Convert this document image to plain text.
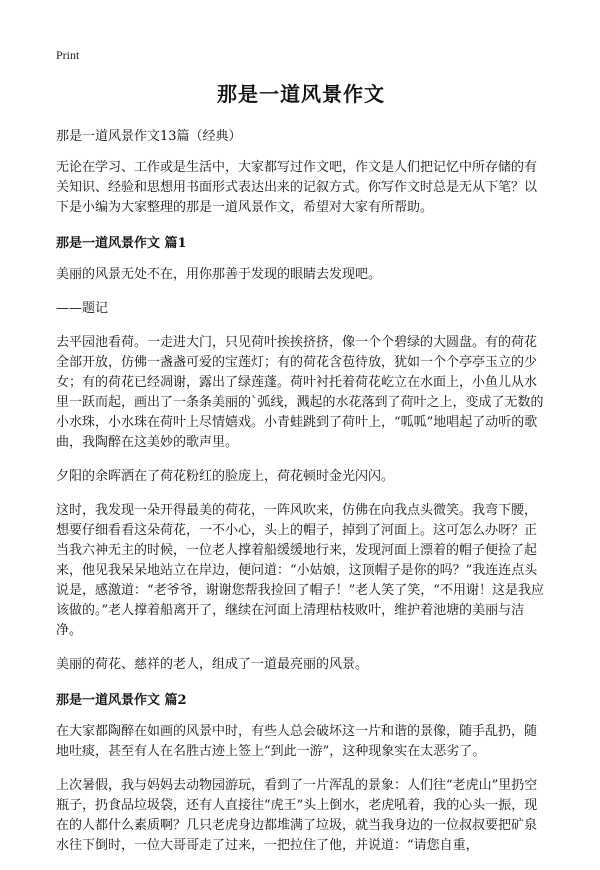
Print
那是一道风景作文
那是一道风景作文13篇（经典）

无论在学习、工作或是生活中，大家都写过作文吧，作文是人们把记忆中所存储的有关知识、经验和思想用书面形式表达出来的记叙方式。你写作文时总是无从下笔？以下是小编为大家整理的那是一道风景作文，希望对大家有所帮助。

那是一道风景作文 篇1

美丽的风景无处不在，用你那善于发现的眼睛去发现吧。

——题记

去平园池看荷。一走进大门，只见荷叶挨挨挤挤，像一个个碧绿的大圆盘。有的荷花全部开放，仿佛一盏盏可爱的宝莲灯；有的荷花含苞待放，犹如一个个亭亭玉立的少女；有的荷花已经凋谢，露出了绿莲蓬。荷叶衬托着荷花屹立在水面上，小鱼儿从水里一跃而起，画出了一条条美丽的`弧线，溅起的水花落到了荷叶之上，变成了无数的小水珠，小水珠在荷叶上尽情嬉戏。小青蛙跳到了荷叶上，“呱呱”地唱起了动听的歌曲，我陶醉在这美妙的歌声里。

夕阳的余晖洒在了荷花粉红的脸庞上，荷花顿时金光闪闪。

这时，我发现一朵开得最美的荷花，一阵风吹来，仿佛在向我点头微笑。我弯下腰，想要仔细看看这朵荷花，一不小心，头上的帽子，掉到了河面上。这可怎么办呀？正当我六神无主的时候，一位老人撑着船缓缓地行来，发现河面上漂着的帽子便捡了起来，他见我呆呆地站立在岸边，便问道：“小姑娘，这顶帽子是你的吗？”我连连点头说是，感激道：“老爷爷，谢谢您帮我捡回了帽子！”老人笑了笑，“不用谢！这是我应该做的。”老人撑着船离开了，继续在河面上清理枯枝败叶，维护着池塘的美丽与洁净。

美丽的荷花、慈祥的老人，组成了一道最亮丽的风景。

那是一道风景作文 篇2

在大家都陶醉在如画的风景中时，有些人总会破坏这一片和谐的景像，随手乱扔，随地吐痰，甚至有人在名胜古迹上签上“到此一游”，这种现象实在太恶劣了。

上次暑假，我与妈妈去动物园游玩，看到了一片浑乱的景象：人们往“老虎山”里扔空瓶子，扔食品垃圾袋，还有人直接往“虎王”头上倒水，老虎吼着，我的心头一振，现在的人都什么素质啊？几只老虎身边都堆满了垃圾，就当我身边的一位叔叔要把矿泉水往下倒时，一位大哥哥走了过来，一把拉住了他，并说道：“请您自重，
